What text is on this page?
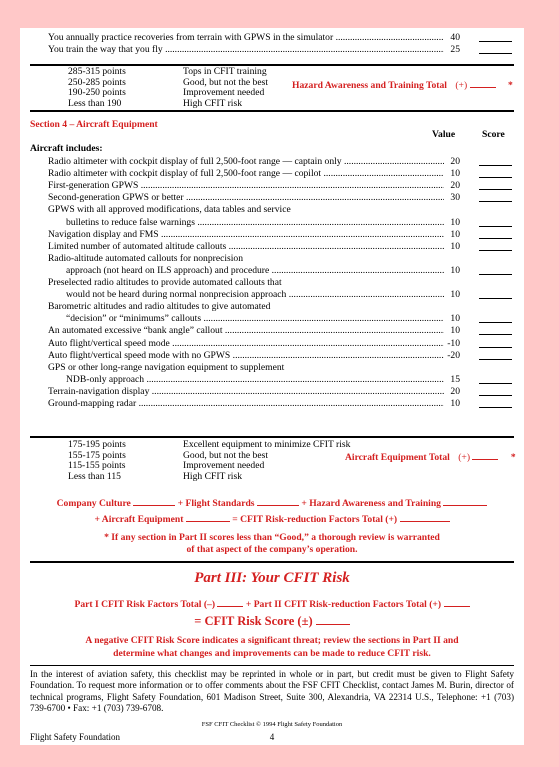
You annually practice recoveries from terrain with GPWS in the simulator .....	40
You train the way that you fly .....	25
285-315 points	Tops in CFIT training
250-285 points	Good, but not the best
190-250 points	Improvement needed
Less than 190	High CFIT risk
Hazard Awareness and Training Total (+)	*
Section 4 – Aircraft Equipment
Value	Score
Aircraft includes:
Radio altimeter with cockpit display of full 2,500-foot range — captain only .....	20
Radio altimeter with cockpit display of full 2,500-foot range — copilot .....	10
First-generation GPWS .....	20
Second-generation GPWS or better .....	30
GPWS with all approved modifications, data tables and service
bulletins to reduce false warnings .....	10
Navigation display and FMS .....	10
Limited number of automated altitude callouts .....	10
Radio-altitude automated callouts for nonprecision
approach (not heard on ILS approach) and procedure .....	10
Preselected radio altitudes to provide automated callouts that
would not be heard during normal nonprecision approach .....	10
Barometric altitudes and radio altitudes to give automated
“decision” or “minimums” callouts .....	10
An automated excessive “bank angle” callout .....	10
Auto flight/vertical speed mode .....	-10
Auto flight/vertical speed mode with no GPWS .....	-20
GPS or other long-range navigation equipment to supplement
NDB-only approach .....	15
Terrain-navigation display .....	20
Ground-mapping radar .....	10
175-195 points	Excellent equipment to minimize CFIT risk
155-175 points	Good, but not the best
115-155 points	Improvement needed
Less than 115	High CFIT risk
Aircraft Equipment Total (+)	*
Company Culture	+ Flight Standards	+ Hazard Awareness and Training
+ Aircraft Equipment	= CFIT Risk-reduction Factors Total (+)
* If any section in Part II scores less than “Good,” a thorough review is warranted
of that aspect of the company’s operation.
Part III: Your CFIT Risk
Part I CFIT Risk Factors Total (–)	+ Part II CFIT Risk-reduction Factors Total (+)
= CFIT Risk Score (±)
A negative CFIT Risk Score indicates a significant threat; review the sections in Part II and
determine what changes and improvements can be made to reduce CFIT risk.
In the interest of aviation safety, this checklist may be reprinted in whole or in part, but credit must be given to Flight Safety Foundation. To request more information or to offer comments about the FSF CFIT Checklist, contact James M. Burin, director of technical programs, Flight Safety Foundation, 601 Madison Street, Suite 300, Alexandria, VA 22314 U.S., Telephone: +1 (703) 739-6700 • Fax: +1 (703) 739-6708.
FSF CFIT Checklist © 1994 Flight Safety Foundation
Flight Safety Foundation	4
